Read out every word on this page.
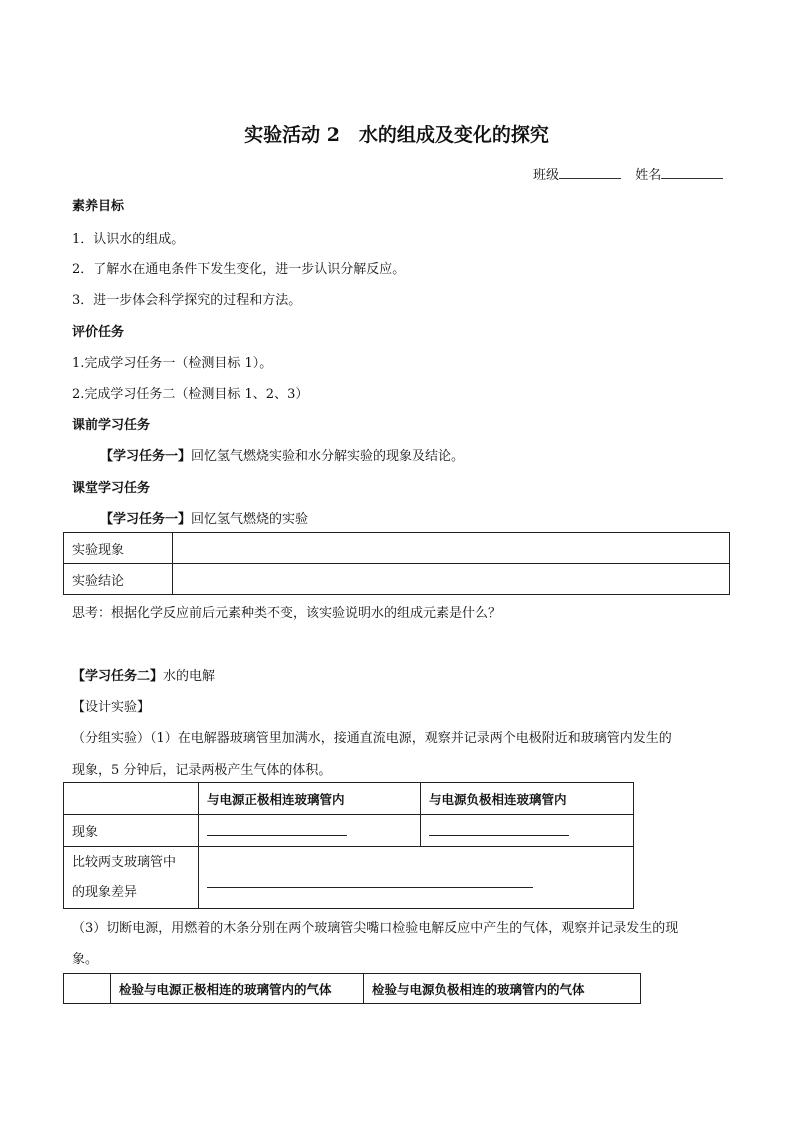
实验活动 2　水的组成及变化的探究
班级	姓名
素养目标
1．认识水的组成。
2．了解水在通电条件下发生变化，进一步认识分解反应。
3．进一步体会科学探究的过程和方法。
评价任务
1.完成学习任务一（检测目标 1）。
2.完成学习任务二（检测目标 1、2、3）
课前学习任务
【学习任务一】回忆氢气燃烧实验和水分解实验的现象及结论。
课堂学习任务
【学习任务一】回忆氢气燃烧的实验
实验现象	
实验结论	
思考：根据化学反应前后元素种类不变，该实验说明水的组成元素是什么？
【学习任务二】水的电解
【设计实验】
（分组实验）（1）在电解器玻璃管里加满水，接通直流电源，观察并记录两个电极附近和玻璃管内发生的
现象，5 分钟后，记录两极产生气体的体积。
	与电源正极相连玻璃管内	与电源负极相连玻璃管内
现象		

比较两支玻璃管中
的现象差异		

（3）切断电源，用燃着的木条分别在两个玻璃管尖嘴口检验电解反应中产生的气体，观察并记录发生的现
象。
	检验与电源正极相连的玻璃管内的气体	检验与电源负极相连的玻璃管内的气体
